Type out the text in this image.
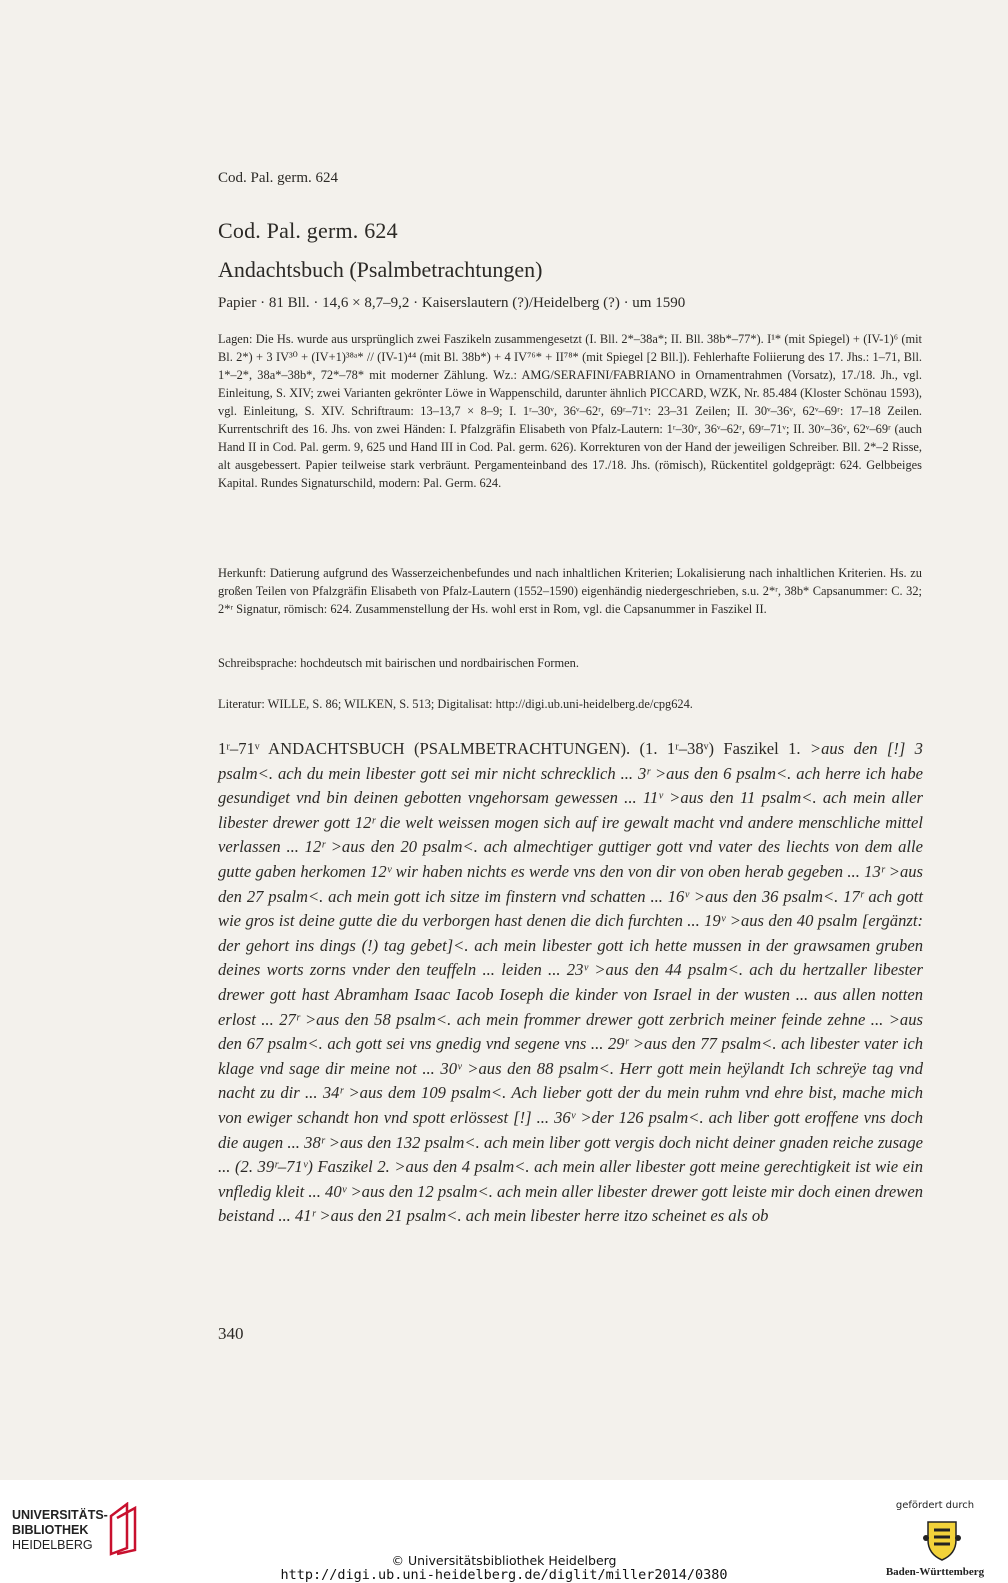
Cod. Pal. germ. 624
Cod. Pal. germ. 624
Andachtsbuch (Psalmbetrachtungen)
Papier · 81 Bll. · 14,6 × 8,7–9,2 · Kaiserslautern (?)/Heidelberg (?) · um 1590
Lagen: Die Hs. wurde aus ursprünglich zwei Faszikeln zusammengesetzt (I. Bll. 2*–38a*; II. Bll. 38b*–77*). I¹* (mit Spiegel) + (IV-1)⁶ (mit Bl. 2*) + 3 IV³⁰ + (IV+1)³⁸ᵃ* // (IV-1)⁴⁴ (mit Bl. 38b*) + 4 IV⁷⁶* + II⁷⁸* (mit Spiegel [2 Bll.]). Fehlerhafte Foliierung des 17. Jhs.: 1–71, Bll. 1*–2*, 38a*–38b*, 72*–78* mit moderner Zählung. Wz.: AMG/SERAFINI/FABRIANO in Ornamentrahmen (Vorsatz), 17./18. Jh., vgl. Einleitung, S. XIV; zwei Varianten gekrönter Löwe in Wappenschild, darunter ähnlich PICCARD, WZK, Nr. 85.484 (Kloster Schönau 1593), vgl. Einleitung, S. XIV. Schriftraum: 13–13,7 × 8–9; I. 1ʳ–30ᵛ, 36ᵛ–62ʳ, 69ʳ–71ᵛ: 23–31 Zeilen; II. 30ᵛ–36ᵛ, 62ᵛ–69ʳ: 17–18 Zeilen. Kurrentschrift des 16. Jhs. von zwei Händen: I. Pfalzgräfin Elisabeth von Pfalz-Lautern: 1ʳ–30ᵛ, 36ᵛ–62ʳ, 69ʳ–71ᵛ; II. 30ᵛ–36ᵛ, 62ᵛ–69ʳ (auch Hand II in Cod. Pal. germ. 9, 625 und Hand III in Cod. Pal. germ. 626). Korrekturen von der Hand der jeweiligen Schreiber. Bll. 2*–2 Risse, alt ausgebessert. Papier teilweise stark verbräunt. Pergamenteinband des 17./18. Jhs. (römisch), Rückentitel goldgeprägt: 624. Gelbbeiges Kapital. Rundes Signaturschild, modern: Pal. Germ. 624.
Herkunft: Datierung aufgrund des Wasserzeichenbefundes und nach inhaltlichen Kriterien; Lokalisierung nach inhaltlichen Kriterien. Hs. zu großen Teilen von Pfalzgräfin Elisabeth von Pfalz-Lautern (1552–1590) eigenhändig niedergeschrieben, s.u. 2*ʳ, 38b* Capsanummer: C. 32; 2*ʳ Signatur, römisch: 624. Zusammenstellung der Hs. wohl erst in Rom, vgl. die Capsanummer in Faszikel II.
Schreibsprache: hochdeutsch mit bairischen und nordbairischen Formen.
Literatur: WILLE, S. 86; WILKEN, S. 513; Digitalisat: http://digi.ub.uni-heidelberg.de/cpg624.
1ʳ–71ᵛ ANDACHTSBUCH (PSALMBETRACHTUNGEN). (1. 1ʳ–38ᵛ) Faszikel 1. >aus den [!] 3 psalm<. ach du mein libester gott sei mir nicht schrecklich ... 3ʳ >aus den 6 psalm<. ach herre ich habe gesundiget vnd bin deinen gebotten vngehorsam gewessen ... 11ᵛ >aus den 11 psalm<. ach mein aller libester drewer gott 12ʳ die welt weissen mogen sich auf ire gewalt macht vnd andere menschliche mittel verlassen ... 12ʳ >aus den 20 psalm<. ach almechtiger guttiger gott vnd vater des liechts von dem alle gutte gaben herkomen 12ᵛ wir haben nichts es werde vns den von dir von oben herab gegeben ... 13ʳ >aus den 27 psalm<. ach mein gott ich sitze im finstern vnd schatten ... 16ᵛ >aus den 36 psalm<. 17ʳ ach gott wie gros ist deine gutte die du verborgen hast denen die dich furchten ... 19ᵛ >aus den 40 psalm [ergänzt: der gehort ins dings (!) tag gebet]<. ach mein libester gott ich hette mussen in der grawsamen gruben deines worts zorns vnder den teuffeln ... leiden ... 23ᵛ >aus den 44 psalm<. ach du hertzaller libester drewer gott hast Abramham Isaac Iacob Ioseph die kinder von Israel in der wusten ... aus allen notten erlost ... 27ʳ >aus den 58 psalm<. ach mein frommer drewer gott zerbrich meiner feinde zehne ... >aus den 67 psalm<. ach gott sei vns gnedig vnd segene vns ... 29ʳ >aus den 77 psalm<. ach libester vater ich klage vnd sage dir meine not ... 30ᵛ >aus den 88 psalm<. Herr gott mein heÿlandt Ich schreÿe tag vnd nacht zu dir ... 34ʳ >aus dem 109 psalm<. Ach lieber gott der du mein ruhm vnd ehre bist, mache mich von ewiger schandt hon vnd spott erlössest [!] ... 36ᵛ >der 126 psalm<. ach liber gott eroffene vns doch die augen ... 38ʳ >aus den 132 psalm<. ach mein liber gott vergis doch nicht deiner gnaden reiche zusage ... (2. 39ʳ–71ᵛ) Faszikel 2. >aus den 4 psalm<. ach mein aller libester gott meine gerechtigkeit ist wie ein vnfledig kleit ... 40ᵛ >aus den 12 psalm<. ach mein aller libester drewer gott leiste mir doch einen drewen beistand ... 41ʳ >aus den 21 psalm<. ach mein libester herre itzo scheinet es als ob
340
UNIVERSITÄTS-
BIBLIOTHEK
HEIDELBERG
© Universitätsbibliothek Heidelberg
http://digi.ub.uni-heidelberg.de/diglit/miller2014/0380
gefördert durch
Baden-Württemberg
